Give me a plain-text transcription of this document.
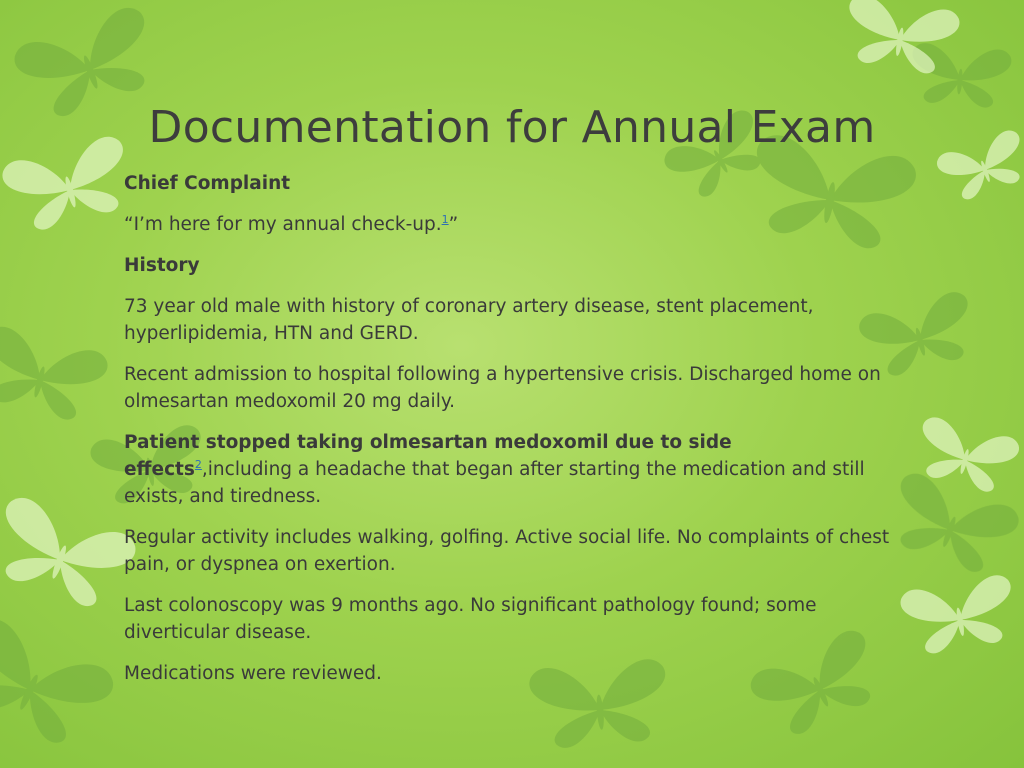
Documentation for Annual Exam

Chief Complaint

“I’m here for my annual check-up.$^1$”

History

73 year old male with history of coronary artery disease, stent placement, hyperlipidemia, HTN and GERD.

Recent admission to hospital following a hypertensive crisis. Discharged home on olmesartan medoxomil 20 mg daily.

Patient stopped taking olmesartan medoxomil due to side effects$^2$,including a headache that began after starting the medication and still exists, and tiredness.

Regular activity includes walking, golfing. Active social life. No complaints of chest pain, or dyspnea on exertion.

Last colonoscopy was 9 months ago. No significant pathology found; some diverticular disease.

Medications were reviewed.
